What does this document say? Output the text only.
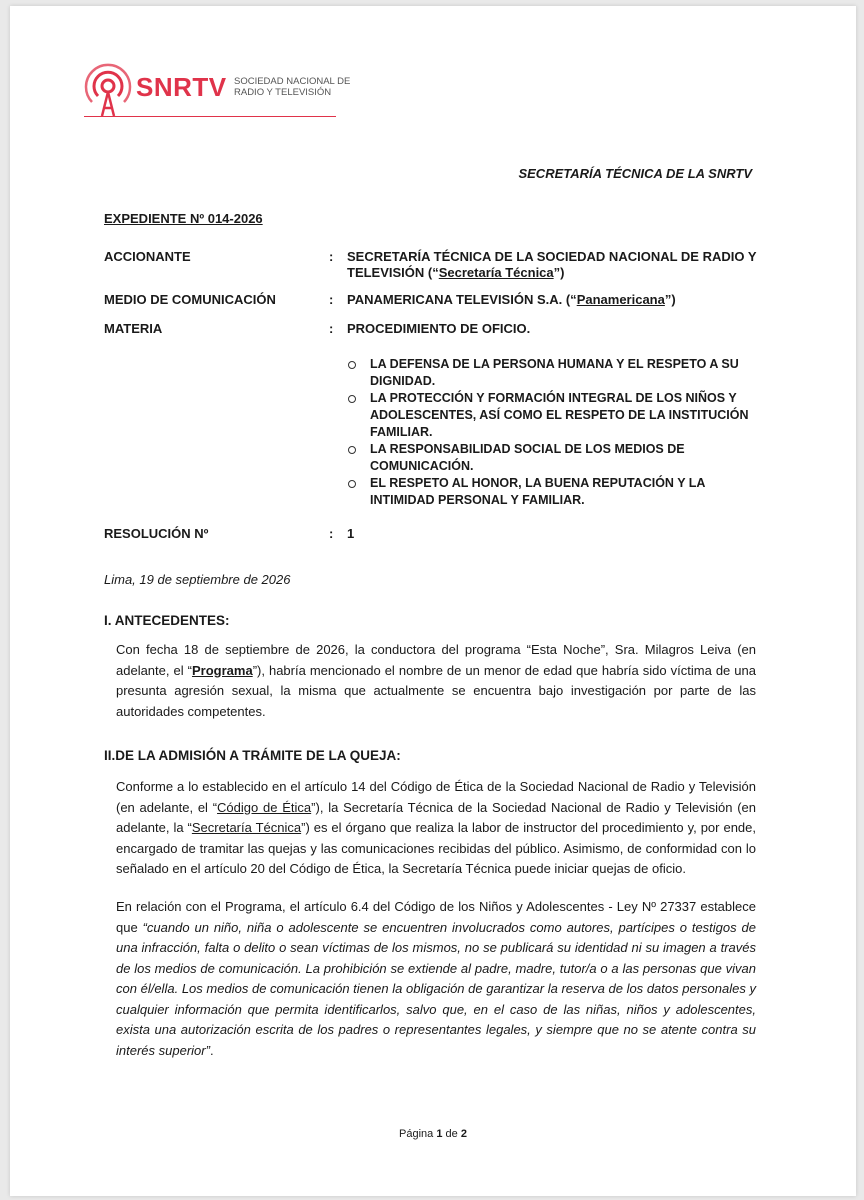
SNRTV SOCIEDAD NACIONAL DE
RADIO Y TELEVISIÓN
SECRETARÍA TÉCNICA DE LA SNRTV
EXPEDIENTE Nº 014-2026
ACCIONANTE	: SECRETARÍA TÉCNICA DE LA SOCIEDAD NACIONAL DE RADIO Y TELEVISIÓN (“Secretaría Técnica”)
MEDIO DE COMUNICACIÓN	: PANAMERICANA TELEVISIÓN S.A. (“Panamericana”)
MATERIA	: PROCEDIMIENTO DE OFICIO.
LA DEFENSA DE LA PERSONA HUMANA Y EL RESPETO A SU DIGNIDAD.
LA PROTECCIÓN Y FORMACIÓN INTEGRAL DE LOS NIÑOS Y ADOLESCENTES, ASÍ COMO EL RESPETO DE LA INSTITUCIÓN FAMILIAR.
LA RESPONSABILIDAD SOCIAL DE LOS MEDIOS DE COMUNICACIÓN.
EL RESPETO AL HONOR, LA BUENA REPUTACIÓN Y LA INTIMIDAD PERSONAL Y FAMILIAR.
RESOLUCIÓN Nº	: 1
Lima, 19 de septiembre de 2026
I. ANTECEDENTES:
Con fecha 18 de septiembre de 2026, la conductora del programa “Esta Noche”, Sra. Milagros Leiva (en adelante, el “Programa”), habría mencionado el nombre de un menor de edad que habría sido víctima de una presunta agresión sexual, la misma que actualmente se encuentra bajo investigación por parte de las autoridades competentes.
II.DE LA ADMISIÓN A TRÁMITE DE LA QUEJA:
Conforme a lo establecido en el artículo 14 del Código de Ética de la Sociedad Nacional de Radio y Televisión (en adelante, el “Código de Ética”), la Secretaría Técnica de la Sociedad Nacional de Radio y Televisión (en adelante, la “Secretaría Técnica”) es el órgano que realiza la labor de instructor del procedimiento y, por ende, encargado de tramitar las quejas y las comunicaciones recibidas del público. Asimismo, de conformidad con lo señalado en el artículo 20 del Código de Ética, la Secretaría Técnica puede iniciar quejas de oficio.
En relación con el Programa, el artículo 6.4 del Código de los Niños y Adolescentes - Ley Nº 27337 establece que “cuando un niño, niña o adolescente se encuentren involucrados como autores, partícipes o testigos de una infracción, falta o delito o sean víctimas de los mismos, no se publicará su identidad ni su imagen a través de los medios de comunicación. La prohibición se extiende al padre, madre, tutor/a o a las personas que vivan con él/ella. Los medios de comunicación tienen la obligación de garantizar la reserva de los datos personales y cualquier información que permita identificarlos, salvo que, en el caso de las niñas, niños y adolescentes, exista una autorización escrita de los padres o representantes legales, y siempre que no se atente contra su interés superior”.
Página 1 de 2
